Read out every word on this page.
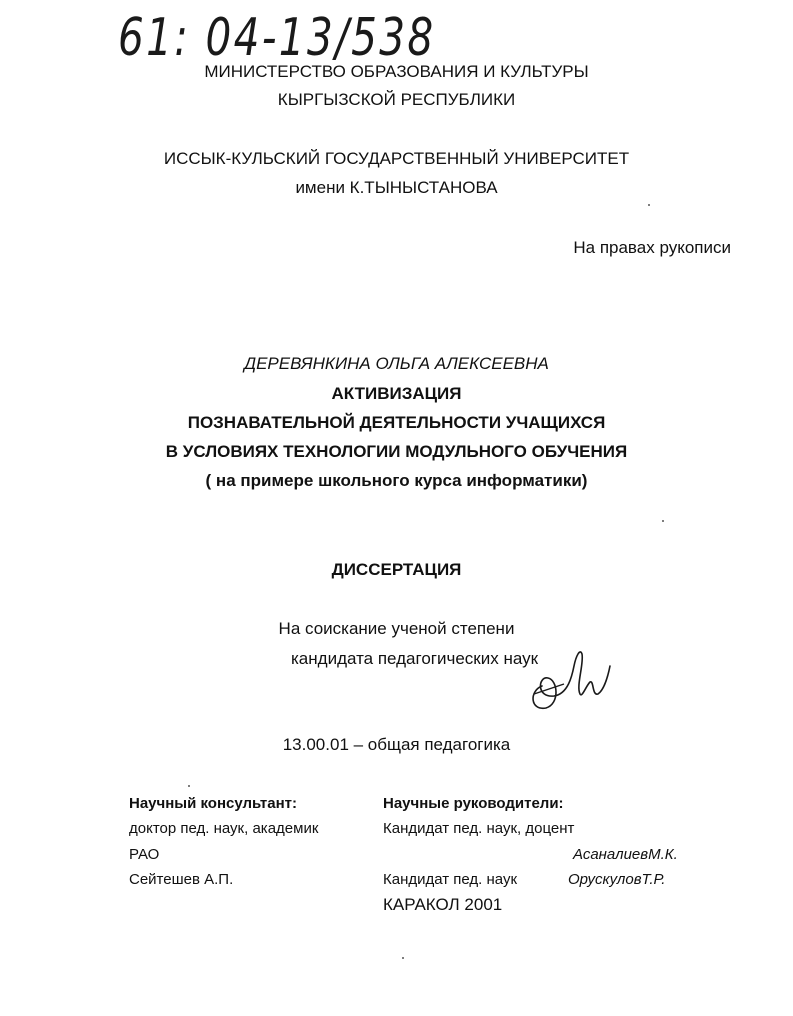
61: 04-13/538
МИНИСТЕРСТВО ОБРАЗОВАНИЯ И КУЛЬТУРЫ
КЫРГЫЗСКОЙ РЕСПУБЛИКИ
ИССЫК-КУЛЬСКИЙ ГОСУДАРСТВЕННЫЙ УНИВЕРСИТЕТ
имени К.ТЫНЫСТАНОВА
На правах рукописи
ДЕРЕВЯНКИНА ОЛЬГА АЛЕКСЕЕВНА
АКТИВИЗАЦИЯ
ПОЗНАВАТЕЛЬНОЙ ДЕЯТЕЛЬНОСТИ УЧАЩИХСЯ
В УСЛОВИЯХ ТЕХНОЛОГИИ МОДУЛЬНОГО ОБУЧЕНИЯ
( на примере школьного курса информатики)
ДИССЕРТАЦИЯ
На соискание ученой степени
кандидата педагогических наук
13.00.01 – общая педагогика
Научный консультант:
доктор пед. наук, академик
РАО
Сейтешев А.П.
Научные руководители:
Кандидат пед. наук, доцент
АсаналиевМ.К.
Кандидат пед. наук	ОрускуловТ.Р.
КАРАКОЛ 2001
